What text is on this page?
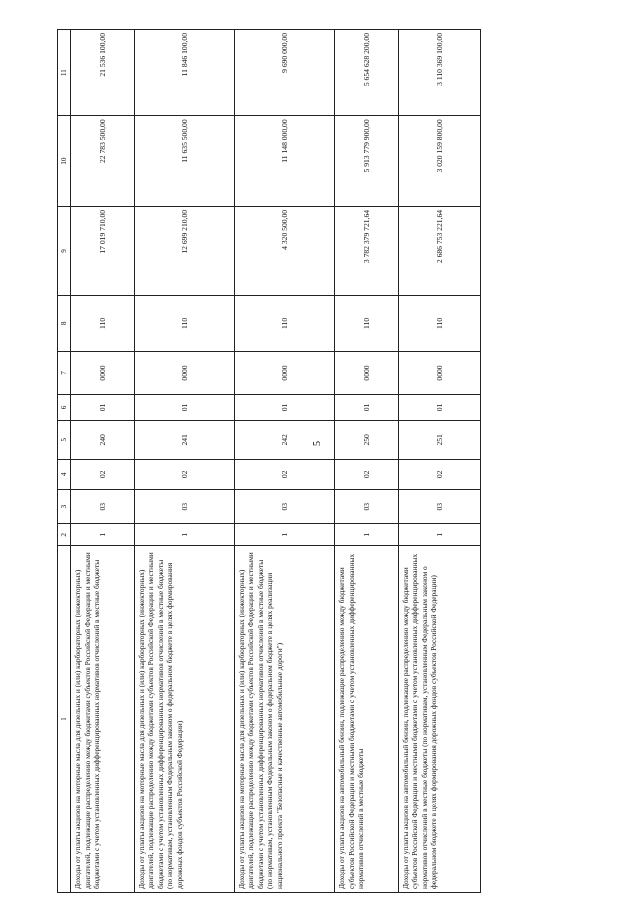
5
1	2	3	4	5	6	7	8	9	10	11
Доходы от уплаты акцизов на моторные масла для дизельных и (или) карбюраторных (инжекторных) двигателей, подлежащие распределению между бюджетами субъектов Российской Федерации и местными бюджетами с учетом установленных дифференцированных нормативов отчислений в местные бюджеты	1	03	02	240	01	0000	110	17 019 710,00	22 783 500,00	21 536 100,00
Доходы от уплаты акцизов на моторные масла для дизельных и (или) карбюраторных (инжекторных) двигателей, подлежащие распределению между бюджетами субъектов Российской Федерации и местными бюджетами с учетом установленных дифференцированных нормативов отчислений в местные бюджеты (по нормативам, установленным Федеральным законом о федеральном бюджете в целях формирования дорожных фондов субъектов Российской Федерации)	1	03	02	241	01	0000	110	12 699 210,00	11 635 500,00	11 846 100,00
Доходы от уплаты акцизов на моторные масла для дизельных и (или) карбюраторных (инжекторных) двигателей, подлежащие распределению между бюджетами субъектов Российской Федерации и местными бюджетами с учетом установленных дифференцированных нормативов отчислений в местные бюджеты (по нормативам, установленным Федеральным законом о федеральном бюджете в целях реализации национального проекта "Безопасные и качественные автомобильные дороги")	1	03	02	242	01	0000	110	4 320 500,00	11 148 000,00	9 690 000,00
Доходы от уплаты акцизов на автомобильный бензин, подлежащие распределению между бюджетами субъектов Российской Федерации и местными бюджетами с учетом установленных дифференцированных нормативов отчислений в местные бюджеты	1	03	02	250	01	0000	110	3 782 379 721,64	5 913 779 900,00	5 654 628 200,00
Доходы от уплаты акцизов на автомобильный бензин, подлежащие распределению между бюджетами субъектов Российской Федерации и местными бюджетами с учетом установленных дифференцированных нормативов отчислений в местные бюджеты (по нормативам, установленным Федеральным законом о федеральном бюджете в целях формирования дорожных фондов субъектов Российской Федерации)	1	03	02	251	01	0000	110	2 686 753 221,64	3 020 159 800,00	3 110 369 100,00
